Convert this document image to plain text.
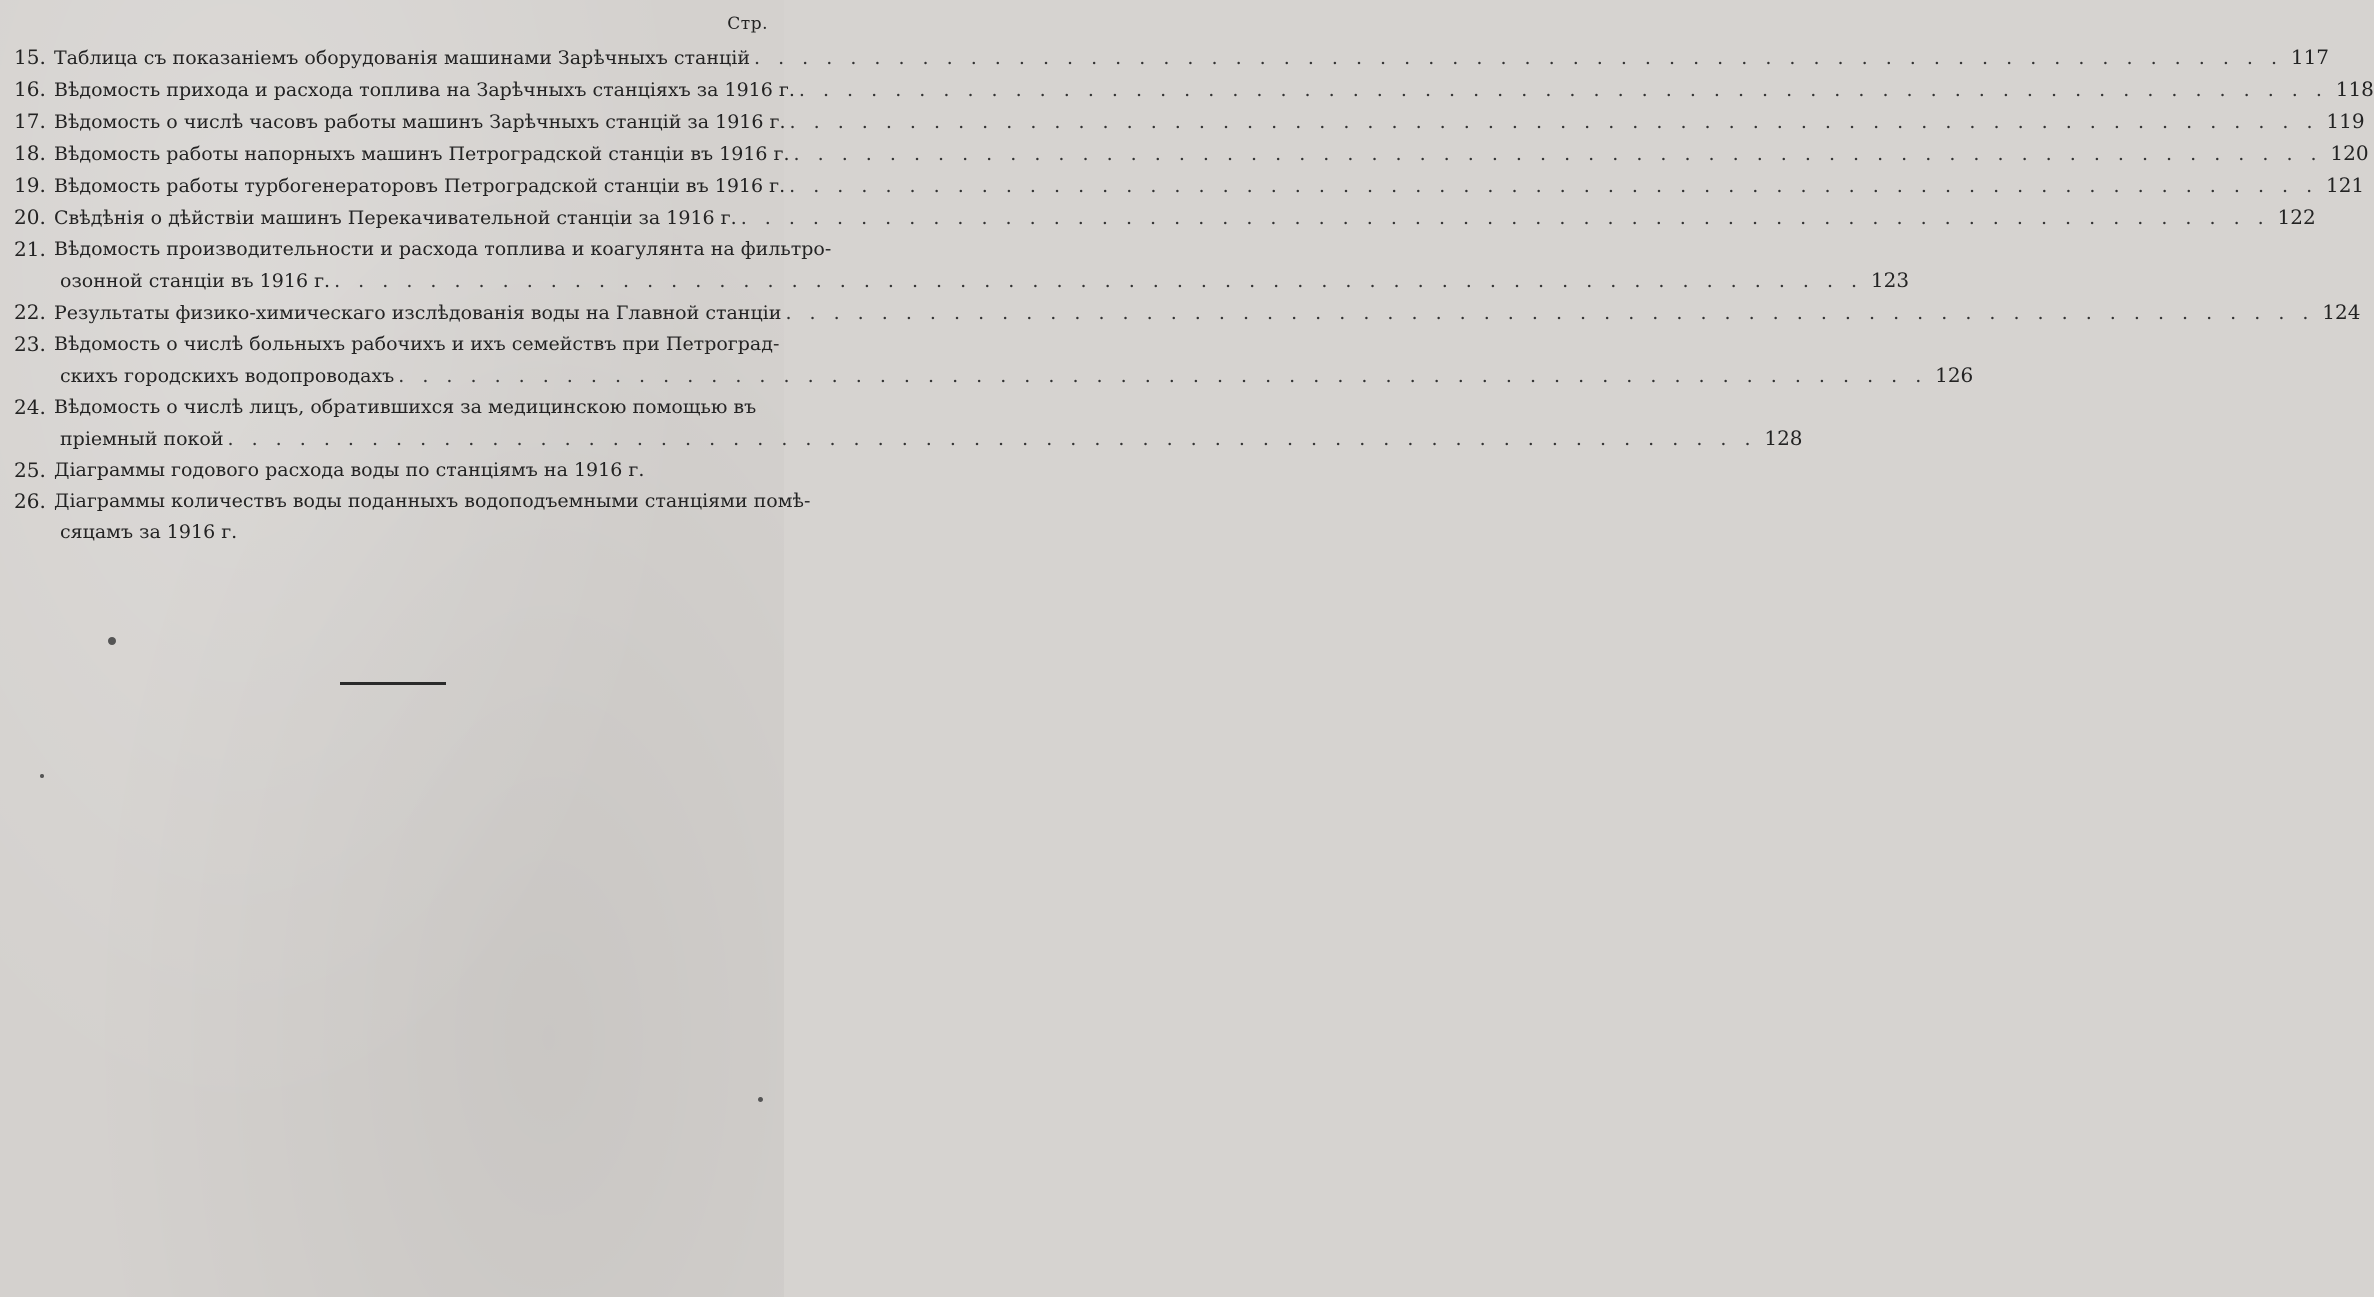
Стр.
15. Таблица съ показаніемъ оборудованія машинами Зарѣчныхъ станцій . . .	117
16. Вѣдомость прихода и расхода топлива на Зарѣчныхъ станціяхъ за 1916 г. . . .	118
17. Вѣдомость о числѣ часовъ работы машинъ Зарѣчныхъ станцій за 1916 г. . . .	119
18. Вѣдомость работы напорныхъ машинъ Петроградской станціи въ 1916 г. . . .	120
19. Вѣдомость работы турбогенераторовъ Петроградской станціи въ 1916 г. . . .	121
20. Свѣдѣнія о дѣйствіи машинъ Перекачивательной станціи за 1916 г. . . .	122
21. Вѣдомость производительности и расхода топлива и коагулянта на фильтро-
озонной станціи въ 1916 г. . . .	123
22. Результаты физико-химическаго изслѣдованія воды на Главной станціи . . .	124
23. Вѣдомость о числѣ больныхъ рабочихъ и ихъ семействъ при Петроград-
скихъ городскихъ водопроводахъ . . .	126
24. Вѣдомость о числѣ лицъ, обратившихся за медицинскою помощью въ
пріемный покой . . .	128
25. Діаграммы годового расхода воды по станціямъ на 1916 г.
26. Діаграммы количествъ воды поданныхъ водоподъемными станціями помѣ-
сяцамъ за 1916 г.
